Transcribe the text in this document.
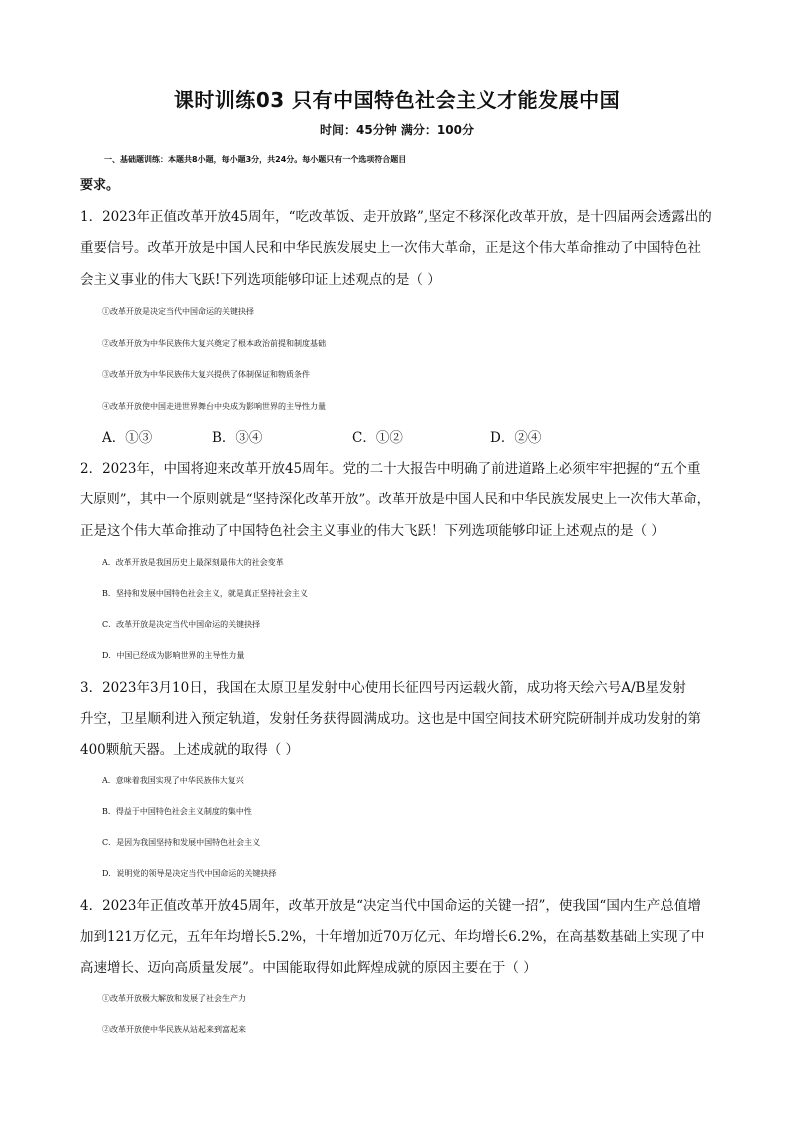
课时训练03 只有中国特色社会主义才能发展中国
时间：45分钟 满分：100分
一、基础题训练：本题共8小题，每小题3分，共24分。每小题只有一个选项符合题目
要求。
1．2023年正值改革开放45周年，“吃改革饭、走开放路”,坚定不移深化改革开放，是十四届两会透露出的
重要信号。改革开放是中国人民和中华民族发展史上一次伟大革命，正是这个伟大革命推动了中国特色社
会主义事业的伟大飞跃!下列选项能够印证上述观点的是（ ）
①改革开放是决定当代中国命运的关键抉择
②改革开放为中华民族伟大复兴奠定了根本政治前提和制度基础
③改革开放为中华民族伟大复兴提供了体制保证和物质条件
④改革开放使中国走进世界舞台中央成为影响世界的主导性力量
A．①③	B．③④	C．①②	D．②④
2．2023年，中国将迎来改革开放45周年。党的二十大报告中明确了前进道路上必须牢牢把握的“五个重
大原则”，其中一个原则就是“坚持深化改革开放”。改革开放是中国人民和中华民族发展史上一次伟大革命，
正是这个伟大革命推动了中国特色社会主义事业的伟大飞跃！下列选项能够印证上述观点的是（ ）
A．改革开放是我国历史上最深刻最伟大的社会变革
B．坚持和发展中国特色社会主义，就是真正坚持社会主义
C．改革开放是决定当代中国命运的关键抉择
D．中国已经成为影响世界的主导性力量
3．2023年3月10日，我国在太原卫星发射中心使用长征四号丙运载火箭，成功将天绘六号A/B星发射
升空，卫星顺利进入预定轨道，发射任务获得圆满成功。这也是中国空间技术研究院研制并成功发射的第
400颗航天器。上述成就的取得（ ）
A．意味着我国实现了中华民族伟大复兴
B．得益于中国特色社会主义制度的集中性
C．是因为我国坚持和发展中国特色社会主义
D．说明党的领导是决定当代中国命运的关键抉择
4．2023年正值改革开放45周年，改革开放是“决定当代中国命运的关键一招”，使我国“国内生产总值增
加到121万亿元，五年年均增长5.2%，十年增加近70万亿元、年均增长6.2%，在高基数基础上实现了中
高速增长、迈向高质量发展”。中国能取得如此辉煌成就的原因主要在于（ ）
①改革开放极大解放和发展了社会生产力
②改革开放使中华民族从站起来到富起来
